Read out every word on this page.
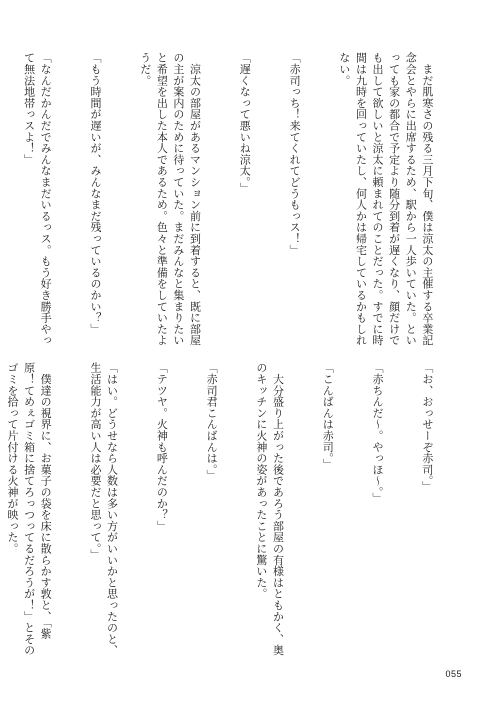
　まだ肌寒さの残る三月下旬、僕は涼太の主催する卒業記念会とやらに出席するため、駅から一人歩いていた。といっても家の都合で予定より随分到着が遅くなり、顔だけでも出して欲しいと涼太に頼まれてのことだった。すでに時間は九時を回っていたし、何人かは帰宅しているかもしれない。

「赤司っち！来てくれてどうもっス！」

「遅くなって悪いね涼太。」

　涼太の部屋があるマンション前に到着すると、既に部屋の主が案内のために待っていた。まだみんなと集まりたいと希望を出した本人であるため。色々と準備をしていたようだ。

「もう時間が遅いが、みんなまだ残っているのかい？」

「なんだかんだでみんなまだいるっス。もう好き勝手やって無法地帯っスよ！」

「お、おっせーぞ赤司。」

「赤ちんだ〜。やっほ〜。」

「こんばんは赤司。」

　大分盛り上がった後であろう部屋の有様はともかく、奥のキッチンに火神の姿があったことに驚いた。

「赤司君こんばんは。」

「テツヤ。火神も呼んだのか？」

「はい。どうせなら人数は多い方がいいかと思ったのと、生活能力が高い人は必要だと思って。」

　僕達の視界に、お菓子の袋を床に散らかす敦と、「紫原！てめぇゴミ箱に捨てろっつってるだろうが！」とそのゴミを拾って片付ける火神が映った。

055
